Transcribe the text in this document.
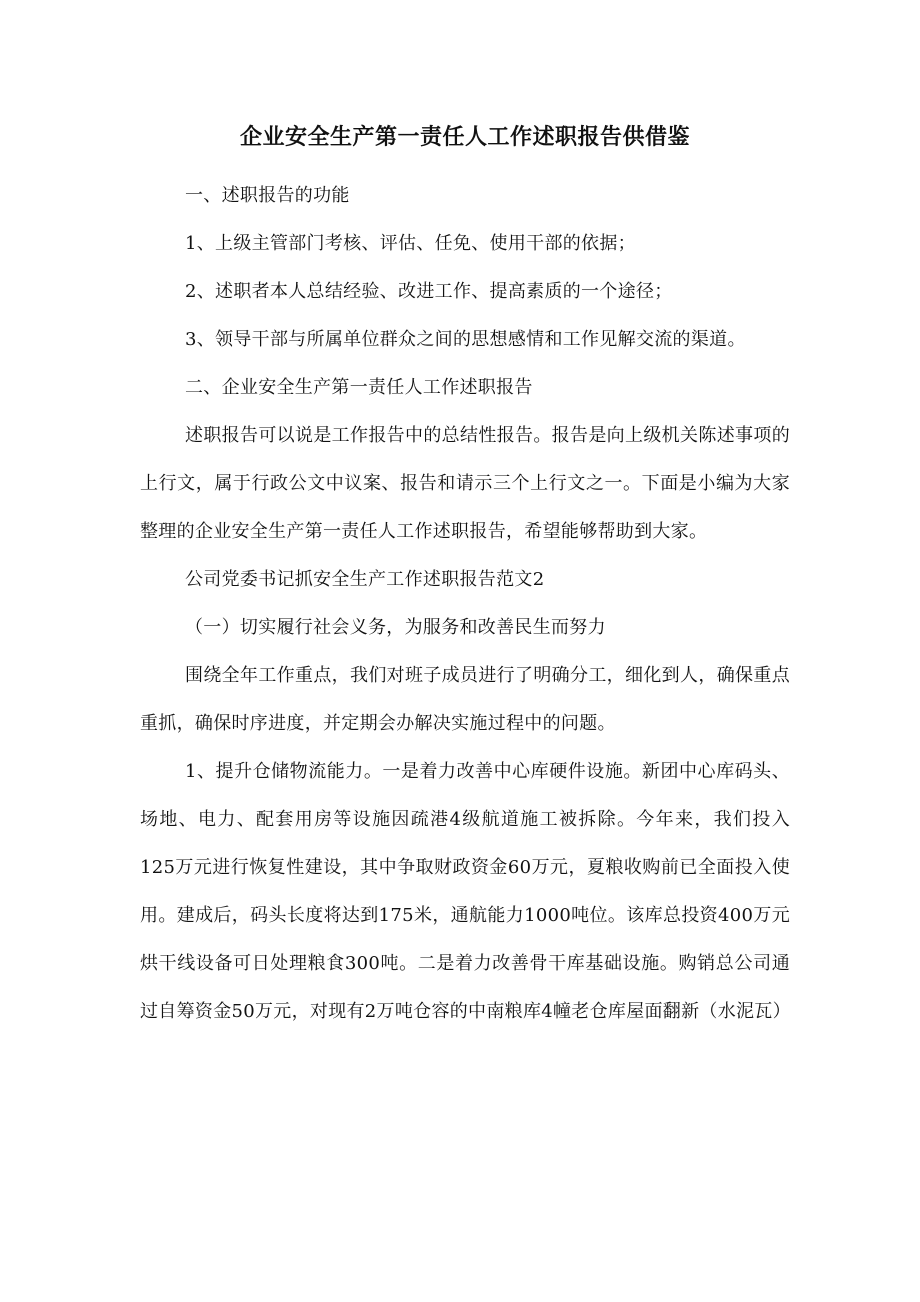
企业安全生产第一责任人工作述职报告供借鉴

一、述职报告的功能

1、上级主管部门考核、评估、任免、使用干部的依据；

2、述职者本人总结经验、改进工作、提高素质的一个途径；

3、领导干部与所属单位群众之间的思想感情和工作见解交流的渠道。

二、企业安全生产第一责任人工作述职报告

述职报告可以说是工作报告中的总结性报告。报告是向上级机关陈述事项的上行文，属于行政公文中议案、报告和请示三个上行文之一。下面是小编为大家整理的企业安全生产第一责任人工作述职报告，希望能够帮助到大家。

公司党委书记抓安全生产工作述职报告范文2

（一）切实履行社会义务，为服务和改善民生而努力

围绕全年工作重点，我们对班子成员进行了明确分工，细化到人，确保重点重抓，确保时序进度，并定期会办解决实施过程中的问题。

1、提升仓储物流能力。一是着力改善中心库硬件设施。新团中心库码头、场地、电力、配套用房等设施因疏港4级航道施工被拆除。今年来，我们投入125万元进行恢复性建设，其中争取财政资金60万元，夏粮收购前已全面投入使用。建成后，码头长度将达到175米，通航能力1000吨位。该库总投资400万元烘干线设备可日处理粮食300吨。二是着力改善骨干库基础设施。购销总公司通过自筹资金50万元，对现有2万吨仓容的中南粮库4幢老仓库屋面翻新（水泥瓦）
